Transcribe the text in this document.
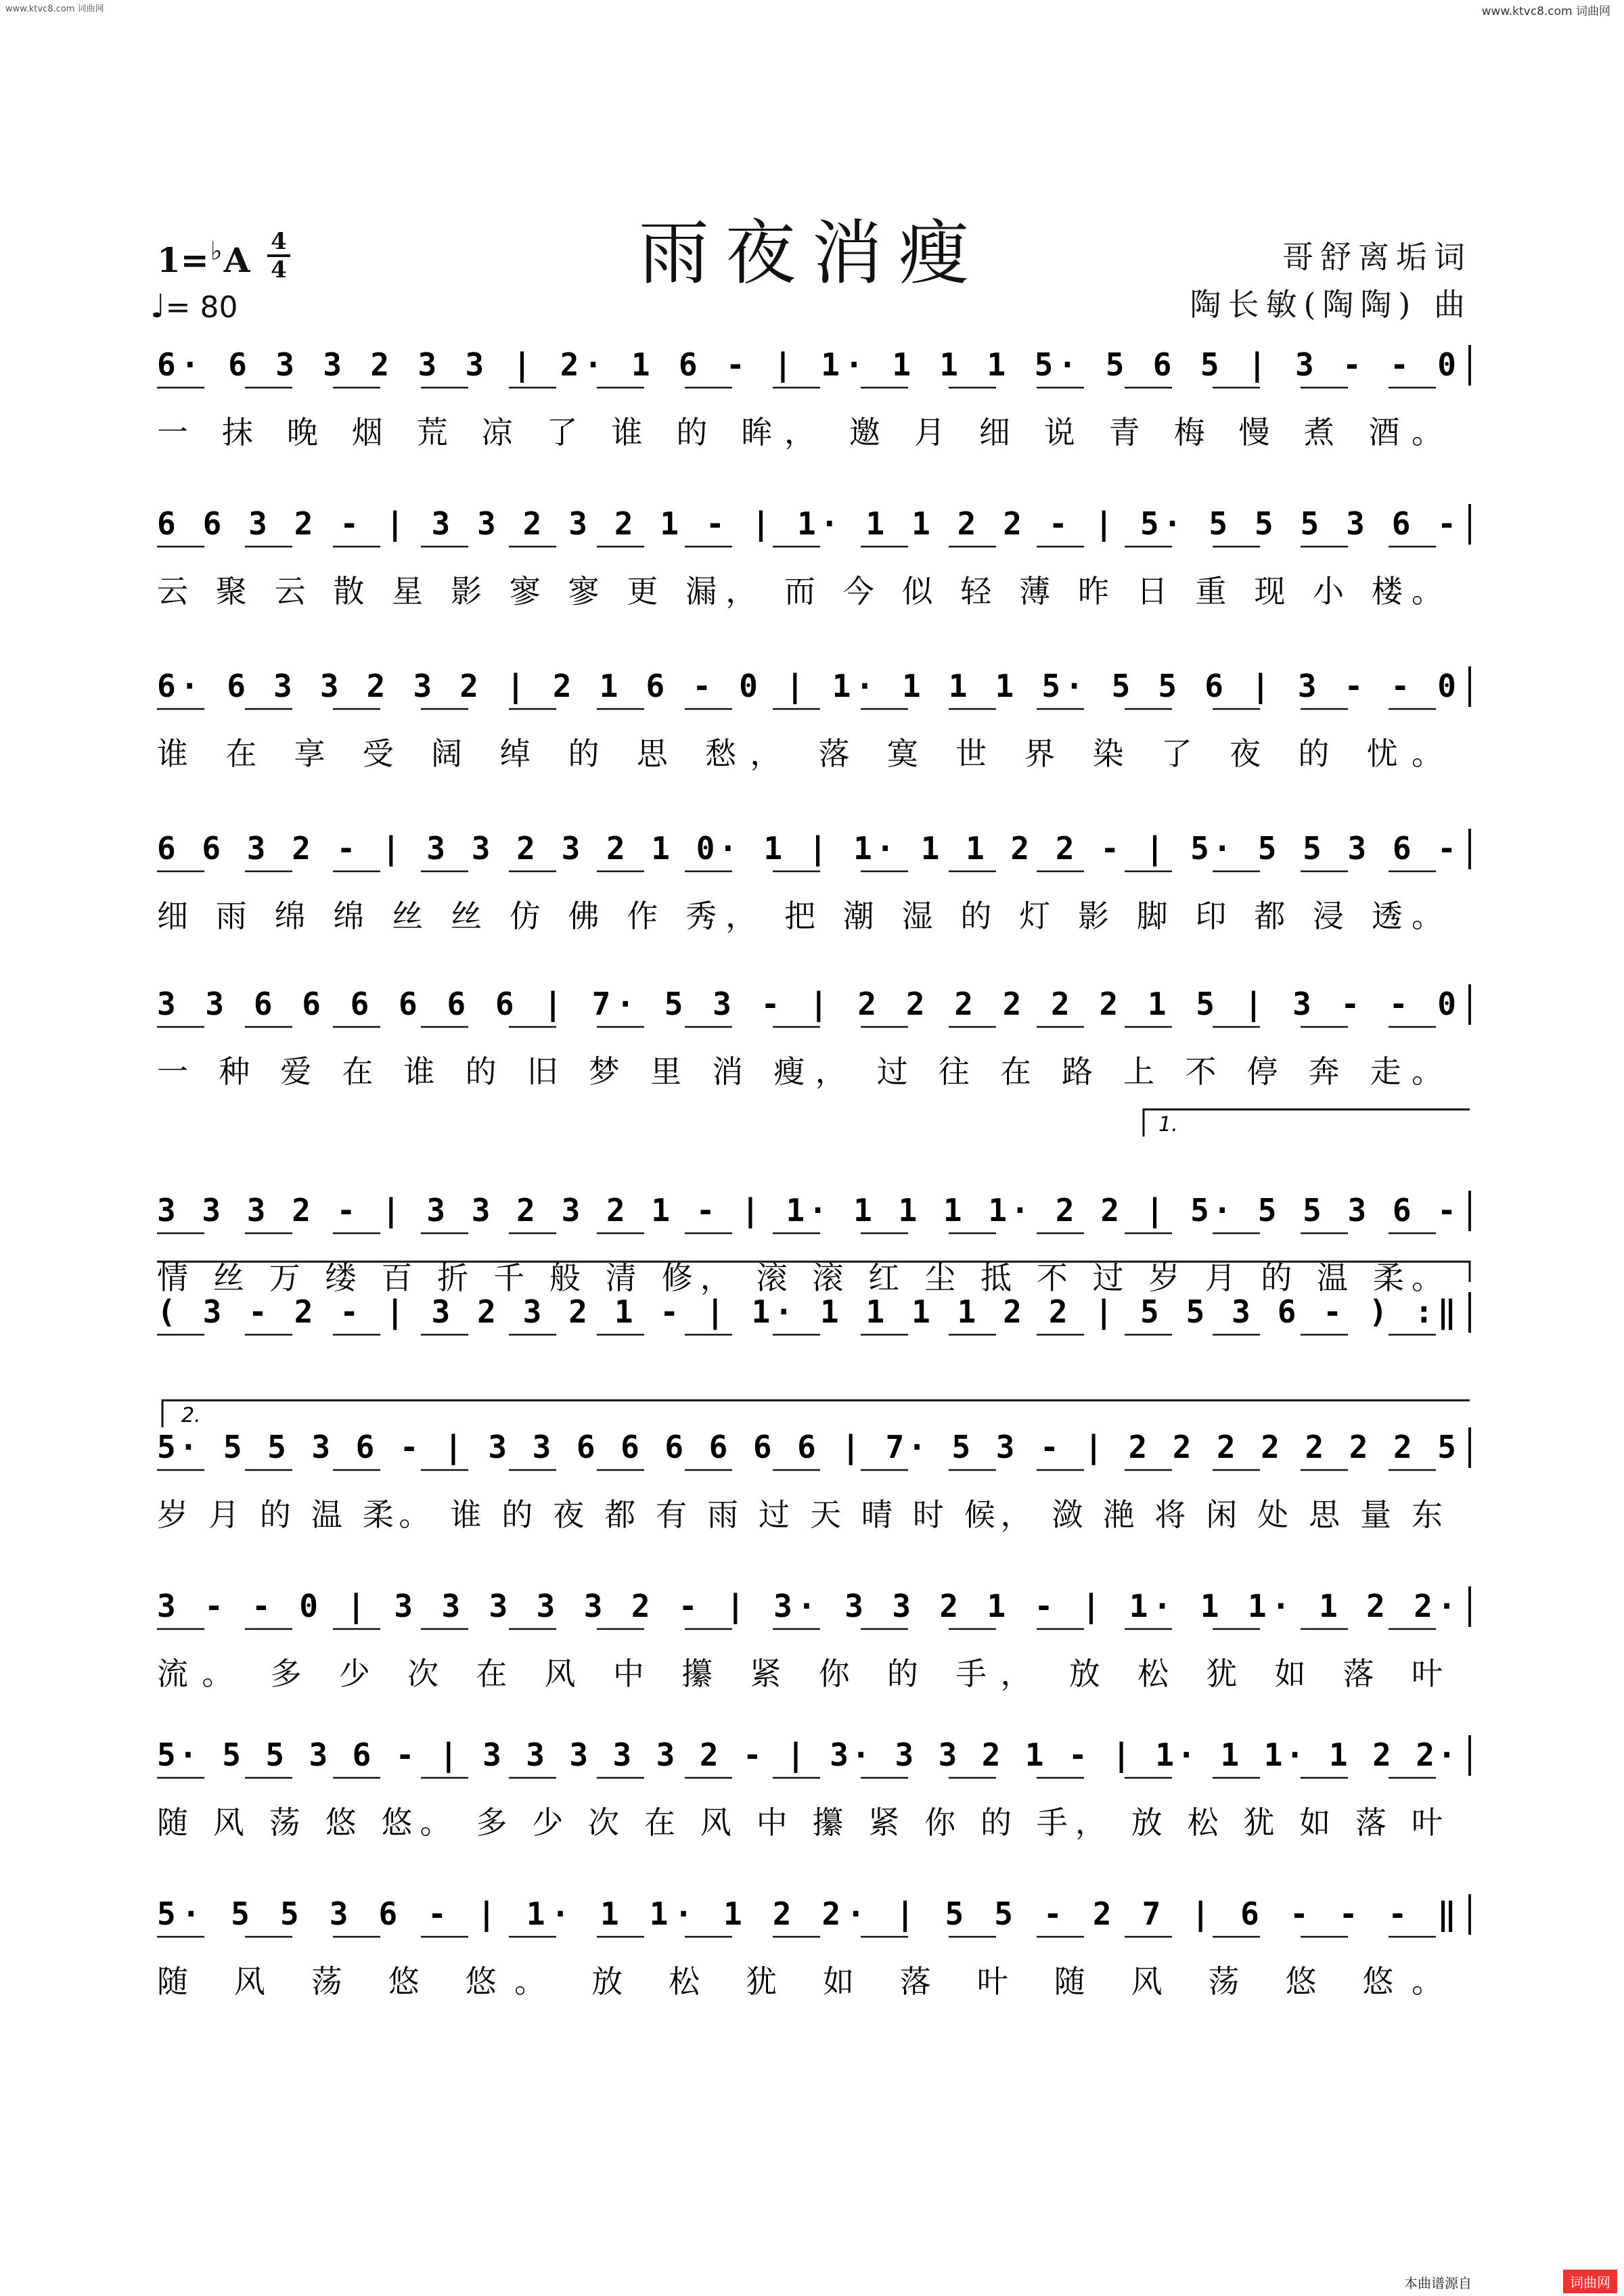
www.ktvc8.com 词曲网	www.ktvc8.com 词曲网
雨夜消瘦
1=♭A 4
4
♩= 80
哥舒离垢词
陶长敏(陶陶) 曲
6· 6 3 3 2 3 3 | 2· 1 6 - | 1· 1 1 1 5· 5 6 5 | 3 - - 0
一 抹 晚 烟 荒 凉 了 谁 的 眸， 邀 月 细 说 青 梅 慢 煮 酒。
6 6 3 2 - | 3 3 2 3 2 1 - | 1· 1 1 2 2 - | 5· 5 5 5 3 6 -
云 聚 云 散 星 影 寥 寥 更 漏， 而 今 似 轻 薄 昨 日 重 现 小 楼。
6· 6 3 3 2 3 2 | 2 1 6 - 0 | 1· 1 1 1 5· 5 5 6 | 3 - - 0
谁 在 享 受 阔 绰 的 思 愁， 落 寞 世 界 染 了 夜 的 忧。
6 6 3 2 - | 3 3 2 3 2 1 0· 1 | 1· 1 1 2 2 - | 5· 5 5 3 6 -
细 雨 绵 绵 丝 丝 仿 佛 作 秀， 把 潮 湿 的 灯 影 脚 印 都 浸 透。
3 3 6 6 6 6 6 6 | 7· 5 3 - | 2 2 2 2 2 2 1 5 | 3 - - 0
一 种 爱 在 谁 的 旧 梦 里 消 瘦， 过 往 在 路 上 不 停 奔 走。
3 3 3 2 - | 3 3 2 3 2 1 - | 1· 1 1 1 1· 2 2 | 5· 5 5 3 6 -
情 丝 万 缕 百 折 千 般 清 修， 滚 滚 红 尘 抵 不 过 岁 月 的 温 柔。
( 3 - 2 - | 3 2 3 2 1 - | 1· 1 1 1 1 2 2 | 5 5 3 6 - ) :‖
5· 5 5 3 6 - | 3 3 6 6 6 6 6 6 | 7· 5 3 - | 2 2 2 2 2 2 2 5
岁 月 的 温 柔。 谁 的 夜 都 有 雨 过 天 晴 时 候， 潋 滟 将 闲 处 思 量 东
3 - - 0 | 3 3 3 3 3 2 - | 3· 3 3 2 1 - | 1· 1 1· 1 2 2·
流。 多 少 次 在 风 中 攥 紧 你 的 手， 放 松 犹 如 落 叶
5· 5 5 3 6 - | 3 3 3 3 3 2 - | 3· 3 3 2 1 - | 1· 1 1· 1 2 2·
随 风 荡 悠 悠。 多 少 次 在 风 中 攥 紧 你 的 手， 放 松 犹 如 落 叶
5· 5 5 3 6 - | 1· 1 1· 1 2 2· | 5 5 - 2 7 | 6 - - - ‖
随 风 荡 悠 悠。 放 松 犹 如 落 叶 随 风 荡 悠 悠。
1.
2.
本曲谱源自	词曲网
